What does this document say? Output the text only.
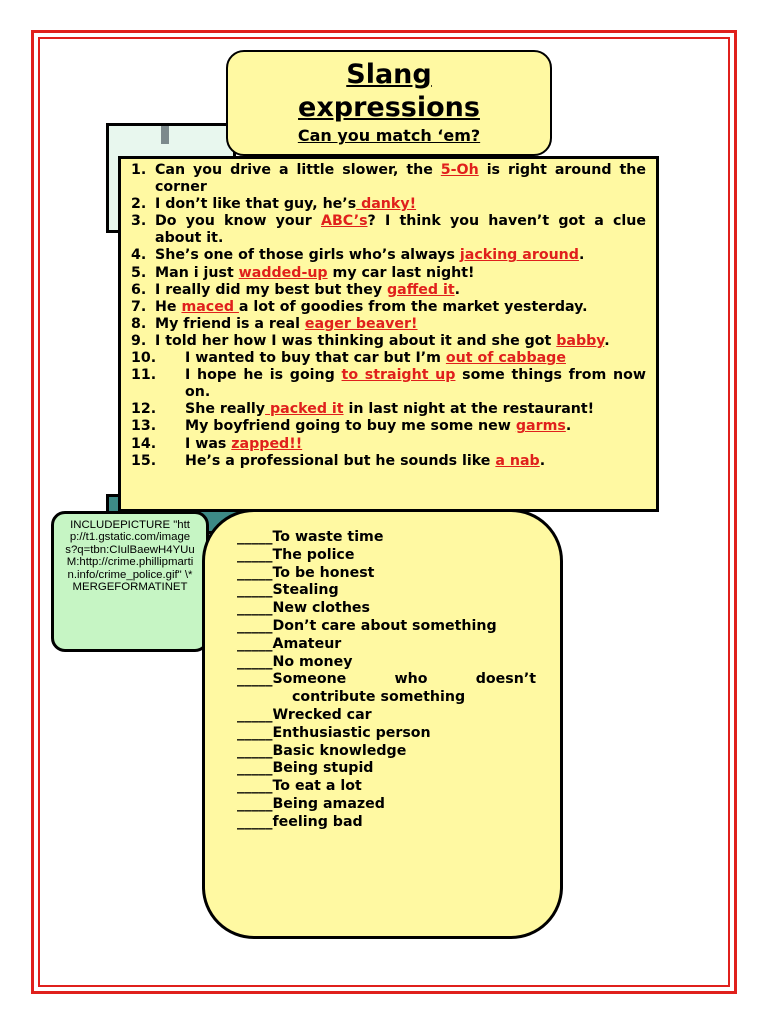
Slang
expressions
Can you match ‘em?
1. Can you drive a little slower, the 5-Oh is right around the corner
2. I don’t like that guy, he’s danky!
3. Do you know your ABC’s? I think you haven’t got a clue about it.
4. She’s one of those girls who’s always jacking around.
5. Man i just wadded-up my car last night!
6. I really did my best but they gaffed it.
7. He maced a lot of goodies from the market yesterday.
8. My friend is a real eager beaver!
9. I told her how I was thinking about it and she got babby.
10.	I wanted to buy that car but I’m out of cabbage
11.	I hope he is going to straight up some things from now on.
12.	She really packed it in last night at the restaurant!
13.	My boyfriend going to buy me some new garms.
14.	I was zapped!!
15.	He’s a professional but he sounds like a nab.
INCLUDEPICTURE "http://t1.gstatic.com/images?q=tbn:CIulBaewH4YUuM:http://crime.phillipmartin.info/crime_police.gif" \* MERGEFORMATINET
_____To waste time
_____The police
_____To be honest
_____Stealing
_____New clothes
_____Don’t care about something
_____Amateur
_____No money
_____Someone who doesn’t
contribute something
_____Wrecked car
_____Enthusiastic person
_____Basic knowledge
_____Being stupid
_____To eat a lot
_____Being amazed
_____feeling bad
